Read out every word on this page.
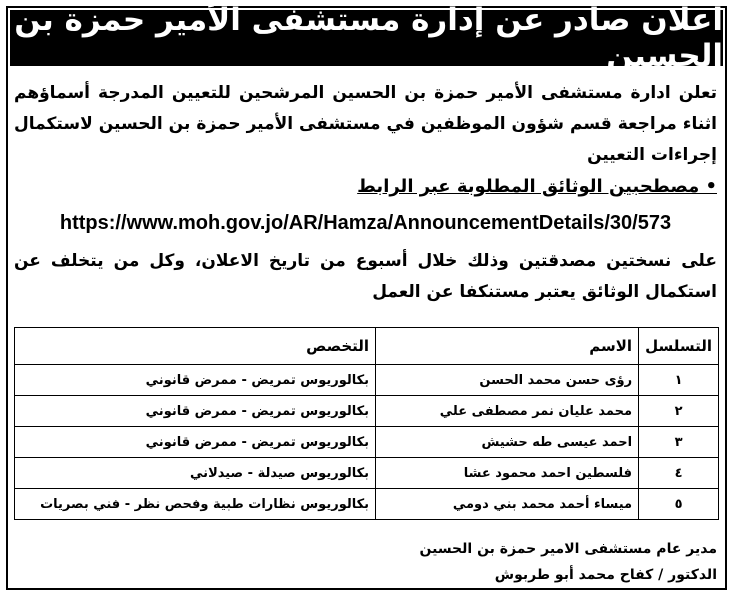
اعلان صادر عن إدارة مستشفى الأمير حمزة بن الحسين
تعلن ادارة مستشفى الأمير حمزة بن الحسين المرشحين للتعيين المدرجة أسماؤهم اثناء مراجعة قسم شؤون الموظفين في مستشفى الأمير حمزة بن الحسين لاستكمال إجراءات التعيين
• مصطحبين الوثائق المطلوبة عبر الرابط
https://www.moh.gov.jo/AR/Hamza/AnnouncementDetails/30/573
على نسختين مصدقتين وذلك خلال أسبوع من تاريخ الاعلان، وكل من يتخلف عن استكمال الوثائق يعتبر مستنكفا عن العمل
التسلسل	الاسم	التخصص
١	رؤى حسن محمد الحسن	بكالوريوس تمريض - ممرض قانوني
٢	محمد عليان نمر مصطفى علي	بكالوريوس تمريض - ممرض قانوني
٣	احمد عيسى طه حشيش	بكالوريوس تمريض - ممرض قانوني
٤	فلسطين احمد محمود عشا	بكالوريوس صيدلة - صيدلاني
٥	ميساء أحمد محمد بني دومي	بكالوريوس نظارات طبية وفحص نظر - فني بصريات
مدير عام مستشفى الامير حمزة بن الحسين
الدكتور / كفاح محمد أبو طربوش
